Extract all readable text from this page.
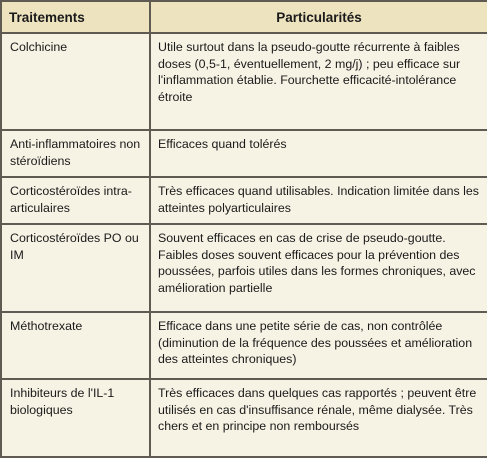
Traitements	Particularités
Colchicine	Utile surtout dans la pseudo-goutte récurrente à faibles doses (0,5-1, éventuellement, 2 mg/j) ; peu efficace sur l'inflammation établie. Fourchette efficacité-intolérance étroite
Anti-inflammatoires non stéroïdiens	Efficaces quand tolérés
Corticostéroïdes intra-articulaires	Très efficaces quand utilisables. Indication limitée dans les atteintes polyarticulaires
Corticostéroïdes PO ou IM	Souvent efficaces en cas de crise de pseudo-goutte. Faibles doses souvent efficaces pour la prévention des poussées, parfois utiles dans les formes chroniques, avec amélioration partielle
Méthotrexate	Efficace dans une petite série de cas, non contrôlée (diminution de la fréquence des poussées et amélioration des atteintes chroniques)
Inhibiteurs de l'IL-1 biologiques	Très efficaces dans quelques cas rapportés ; peuvent être utilisés en cas d'insuffisance rénale, même dialysée. Très chers et en principe non remboursés
